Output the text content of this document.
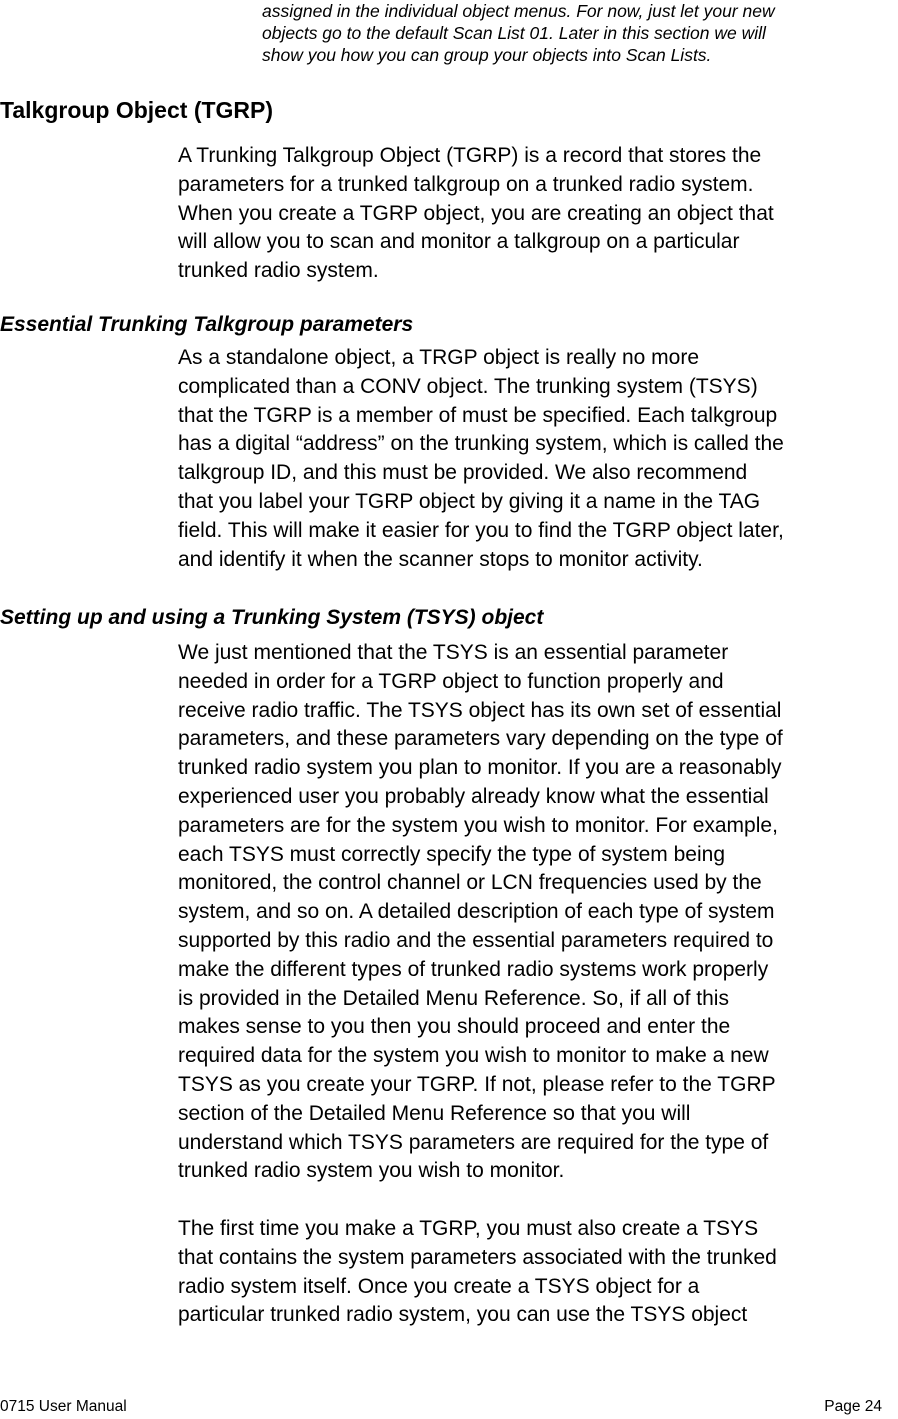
assigned in the individual object menus. For now, just let your new
objects go to the default Scan List 01. Later in this section we will
show you how you can group your objects into Scan Lists.
Talkgroup Object (TGRP)
A Trunking Talkgroup Object (TGRP) is a record that stores the
parameters for a trunked talkgroup on a trunked radio system.
When you create a TGRP object, you are creating an object that
will allow you to scan and monitor a talkgroup on a particular
trunked radio system.
Essential Trunking Talkgroup parameters
As a standalone object, a TRGP object is really no more
complicated than a CONV object. The trunking system (TSYS)
that the TGRP is a member of must be specified. Each talkgroup
has a digital “address” on the trunking system, which is called the
talkgroup ID, and this must be provided. We also recommend
that you label your TGRP object by giving it a name in the TAG
field. This will make it easier for you to find the TGRP object later,
and identify it when the scanner stops to monitor activity.
Setting up and using a Trunking System (TSYS) object
We just mentioned that the TSYS is an essential parameter
needed in order for a TGRP object to function properly and
receive radio traffic. The TSYS object has its own set of essential
parameters, and these parameters vary depending on the type of
trunked radio system you plan to monitor. If you are a reasonably
experienced user you probably already know what the essential
parameters are for the system you wish to monitor. For example,
each TSYS must correctly specify the type of system being
monitored, the control channel or LCN frequencies used by the
system, and so on. A detailed description of each type of system
supported by this radio and the essential parameters required to
make the different types of trunked radio systems work properly
is provided in the Detailed Menu Reference. So, if all of this
makes sense to you then you should proceed and enter the
required data for the system you wish to monitor to make a new
TSYS as you create your TGRP. If not, please refer to the TGRP
section of the Detailed Menu Reference so that you will
understand which TSYS parameters are required for the type of
trunked radio system you wish to monitor.
The first time you make a TGRP, you must also create a TSYS
that contains the system parameters associated with the trunked
radio system itself. Once you create a TSYS object for a
particular trunked radio system, you can use the TSYS object
0715 User Manual	Page 24
